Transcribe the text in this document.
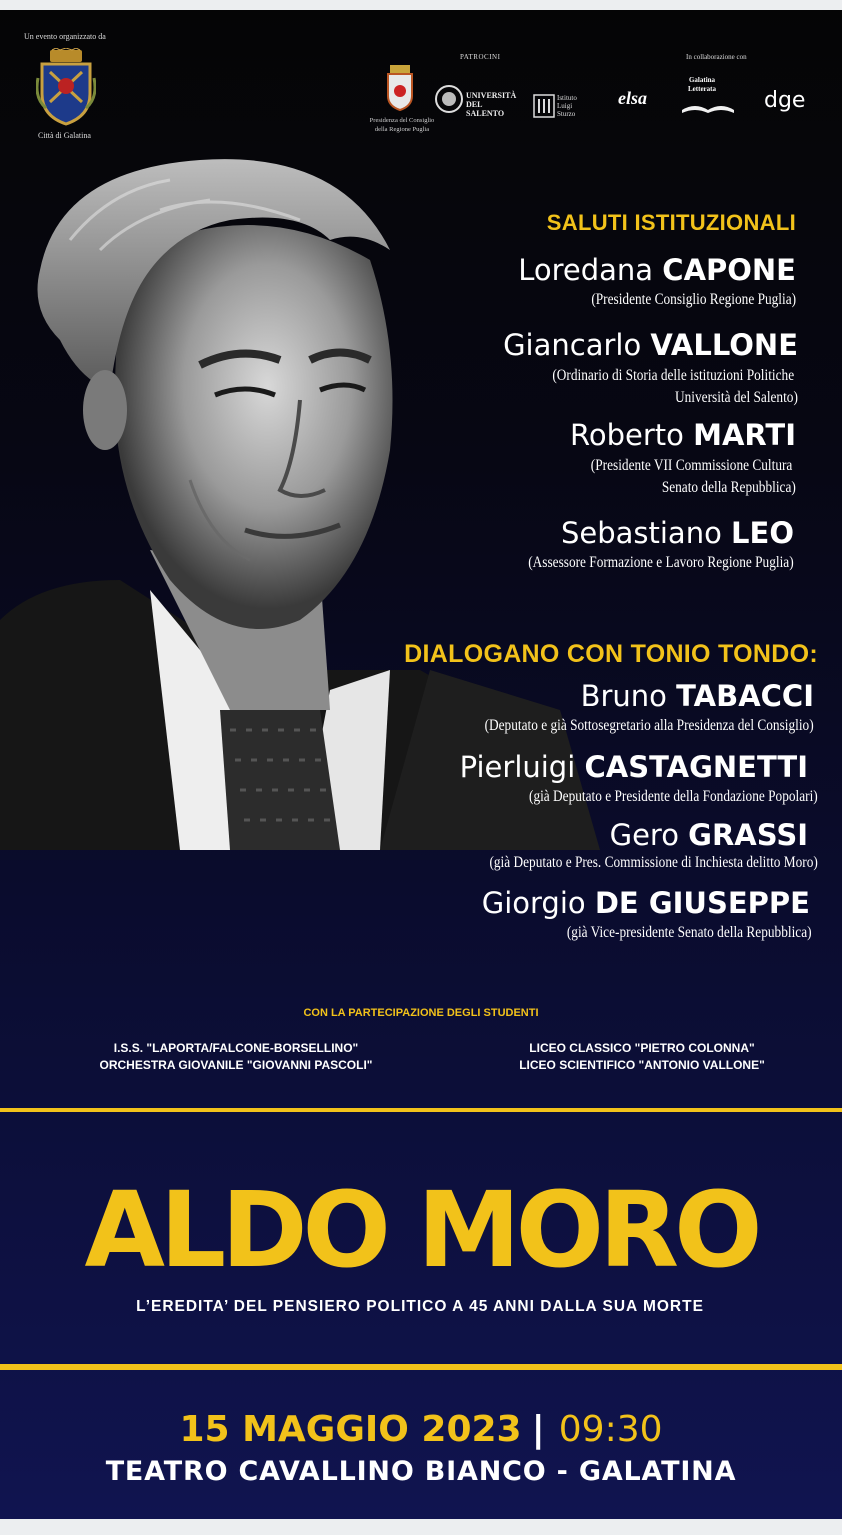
Un evento organizzato da
Città di Galatina
PATROCINI
Presidenza del Consiglio della Regione Puglia
UNIVERSITÀ DEL SALENTO
Istituto Luigi Sturzo
In collaborazione con
elsa
Galatina Letterata dge
SALUTI ISTITUZIONALI
Loredana CAPONE
(Presidente Consiglio Regione Puglia)
Giancarlo VALLONE
(Ordinario di Storia delle istituzioni Politiche
Università del Salento)
Roberto MARTI
(Presidente VII Commissione Cultura
Senato della Repubblica)
Sebastiano LEO
(Assessore Formazione e Lavoro Regione Puglia)
DIALOGANO CON TONIO TONDO:
Bruno TABACCI
(Deputato e già Sottosegretario alla Presidenza del Consiglio)
Pierluigi CASTAGNETTI
(già Deputato e Presidente della Fondazione Popolari)
Gero GRASSI
(già Deputato e Pres. Commissione di Inchiesta delitto Moro)
Giorgio DE GIUSEPPE
(già Vice-presidente Senato della Repubblica)
CON LA PARTECIPAZIONE DEGLI STUDENTI
I.S.S. "LAPORTA/FALCONE-BORSELLINO"
ORCHESTRA GIOVANILE "GIOVANNI PASCOLI"
LICEO CLASSICO "PIETRO COLONNA"
LICEO SCIENTIFICO "ANTONIO VALLONE"
ALDO MORO
L’EREDITA’ DEL PENSIERO POLITICO A 45 ANNI DALLA SUA MORTE
15 MAGGIO 2023 | 09:30
TEATRO CAVALLINO BIANCO - GALATINA
